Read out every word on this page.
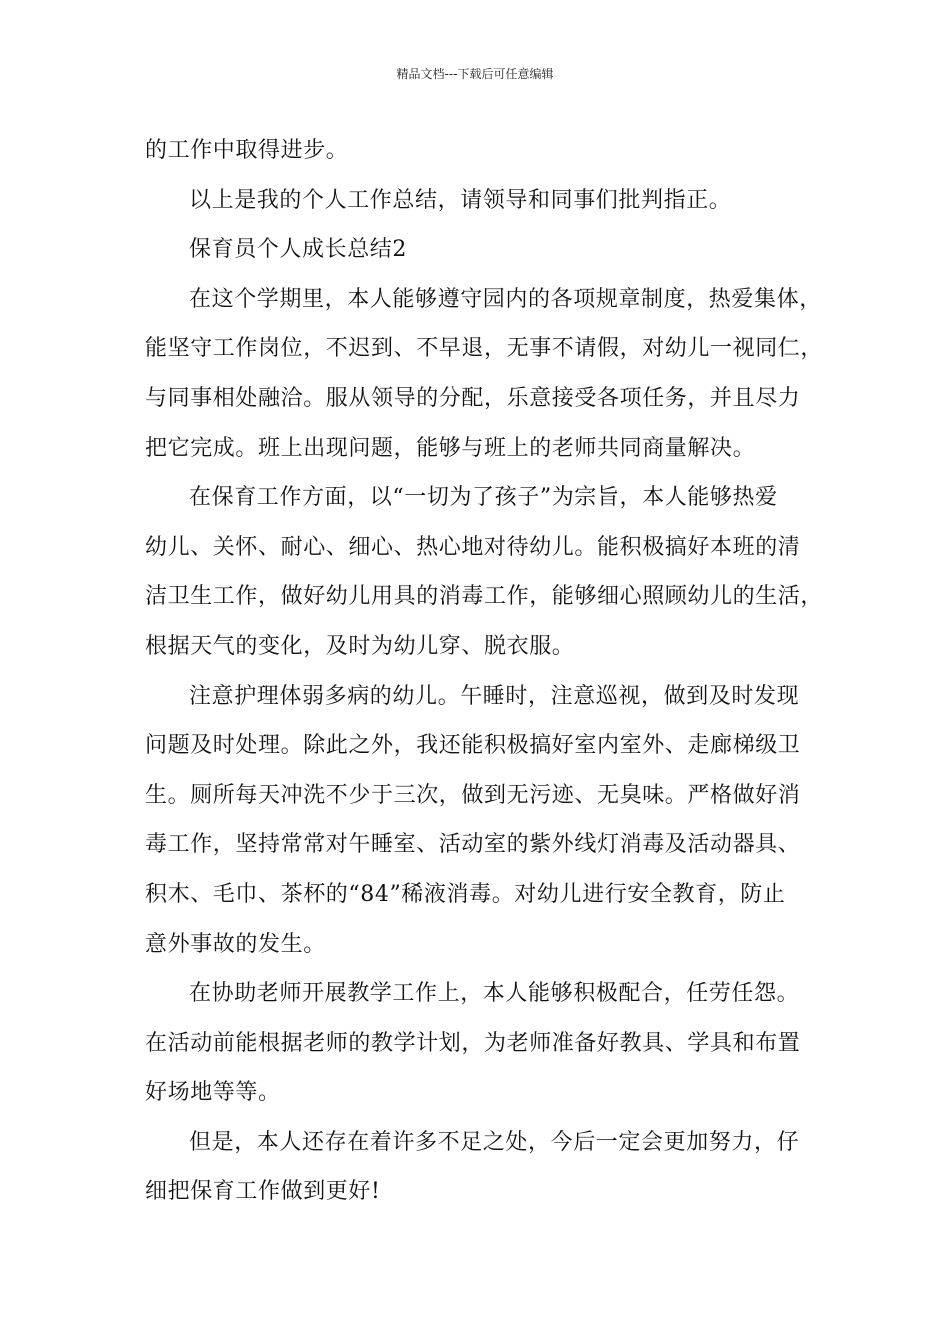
精品文档---下载后可任意编辑
的工作中取得进步。
以上是我的个人工作总结，请领导和同事们批判指正。
保育员个人成长总结2
在这个学期里，本人能够遵守园内的各项规章制度，热爱集体，
能坚守工作岗位，不迟到、不早退，无事不请假，对幼儿一视同仁，
与同事相处融洽。服从领导的分配，乐意接受各项任务，并且尽力
把它完成。班上出现问题，能够与班上的老师共同商量解决。
在保育工作方面，以“一切为了孩子”为宗旨，本人能够热爱
幼儿、关怀、耐心、细心、热心地对待幼儿。能积极搞好本班的清
洁卫生工作，做好幼儿用具的消毒工作，能够细心照顾幼儿的生活，
根据天气的变化，及时为幼儿穿、脱衣服。
注意护理体弱多病的幼儿。午睡时，注意巡视，做到及时发现
问题及时处理。除此之外，我还能积极搞好室内室外、走廊梯级卫
生。厕所每天冲洗不少于三次，做到无污迹、无臭味。严格做好消
毒工作，坚持常常对午睡室、活动室的紫外线灯消毒及活动器具、
积木、毛巾、茶杯的“84”稀液消毒。对幼儿进行安全教育，防止
意外事故的发生。
在协助老师开展教学工作上，本人能够积极配合，任劳任怨。
在活动前能根据老师的教学计划，为老师准备好教具、学具和布置
好场地等等。
但是，本人还存在着许多不足之处，今后一定会更加努力，仔
细把保育工作做到更好!
